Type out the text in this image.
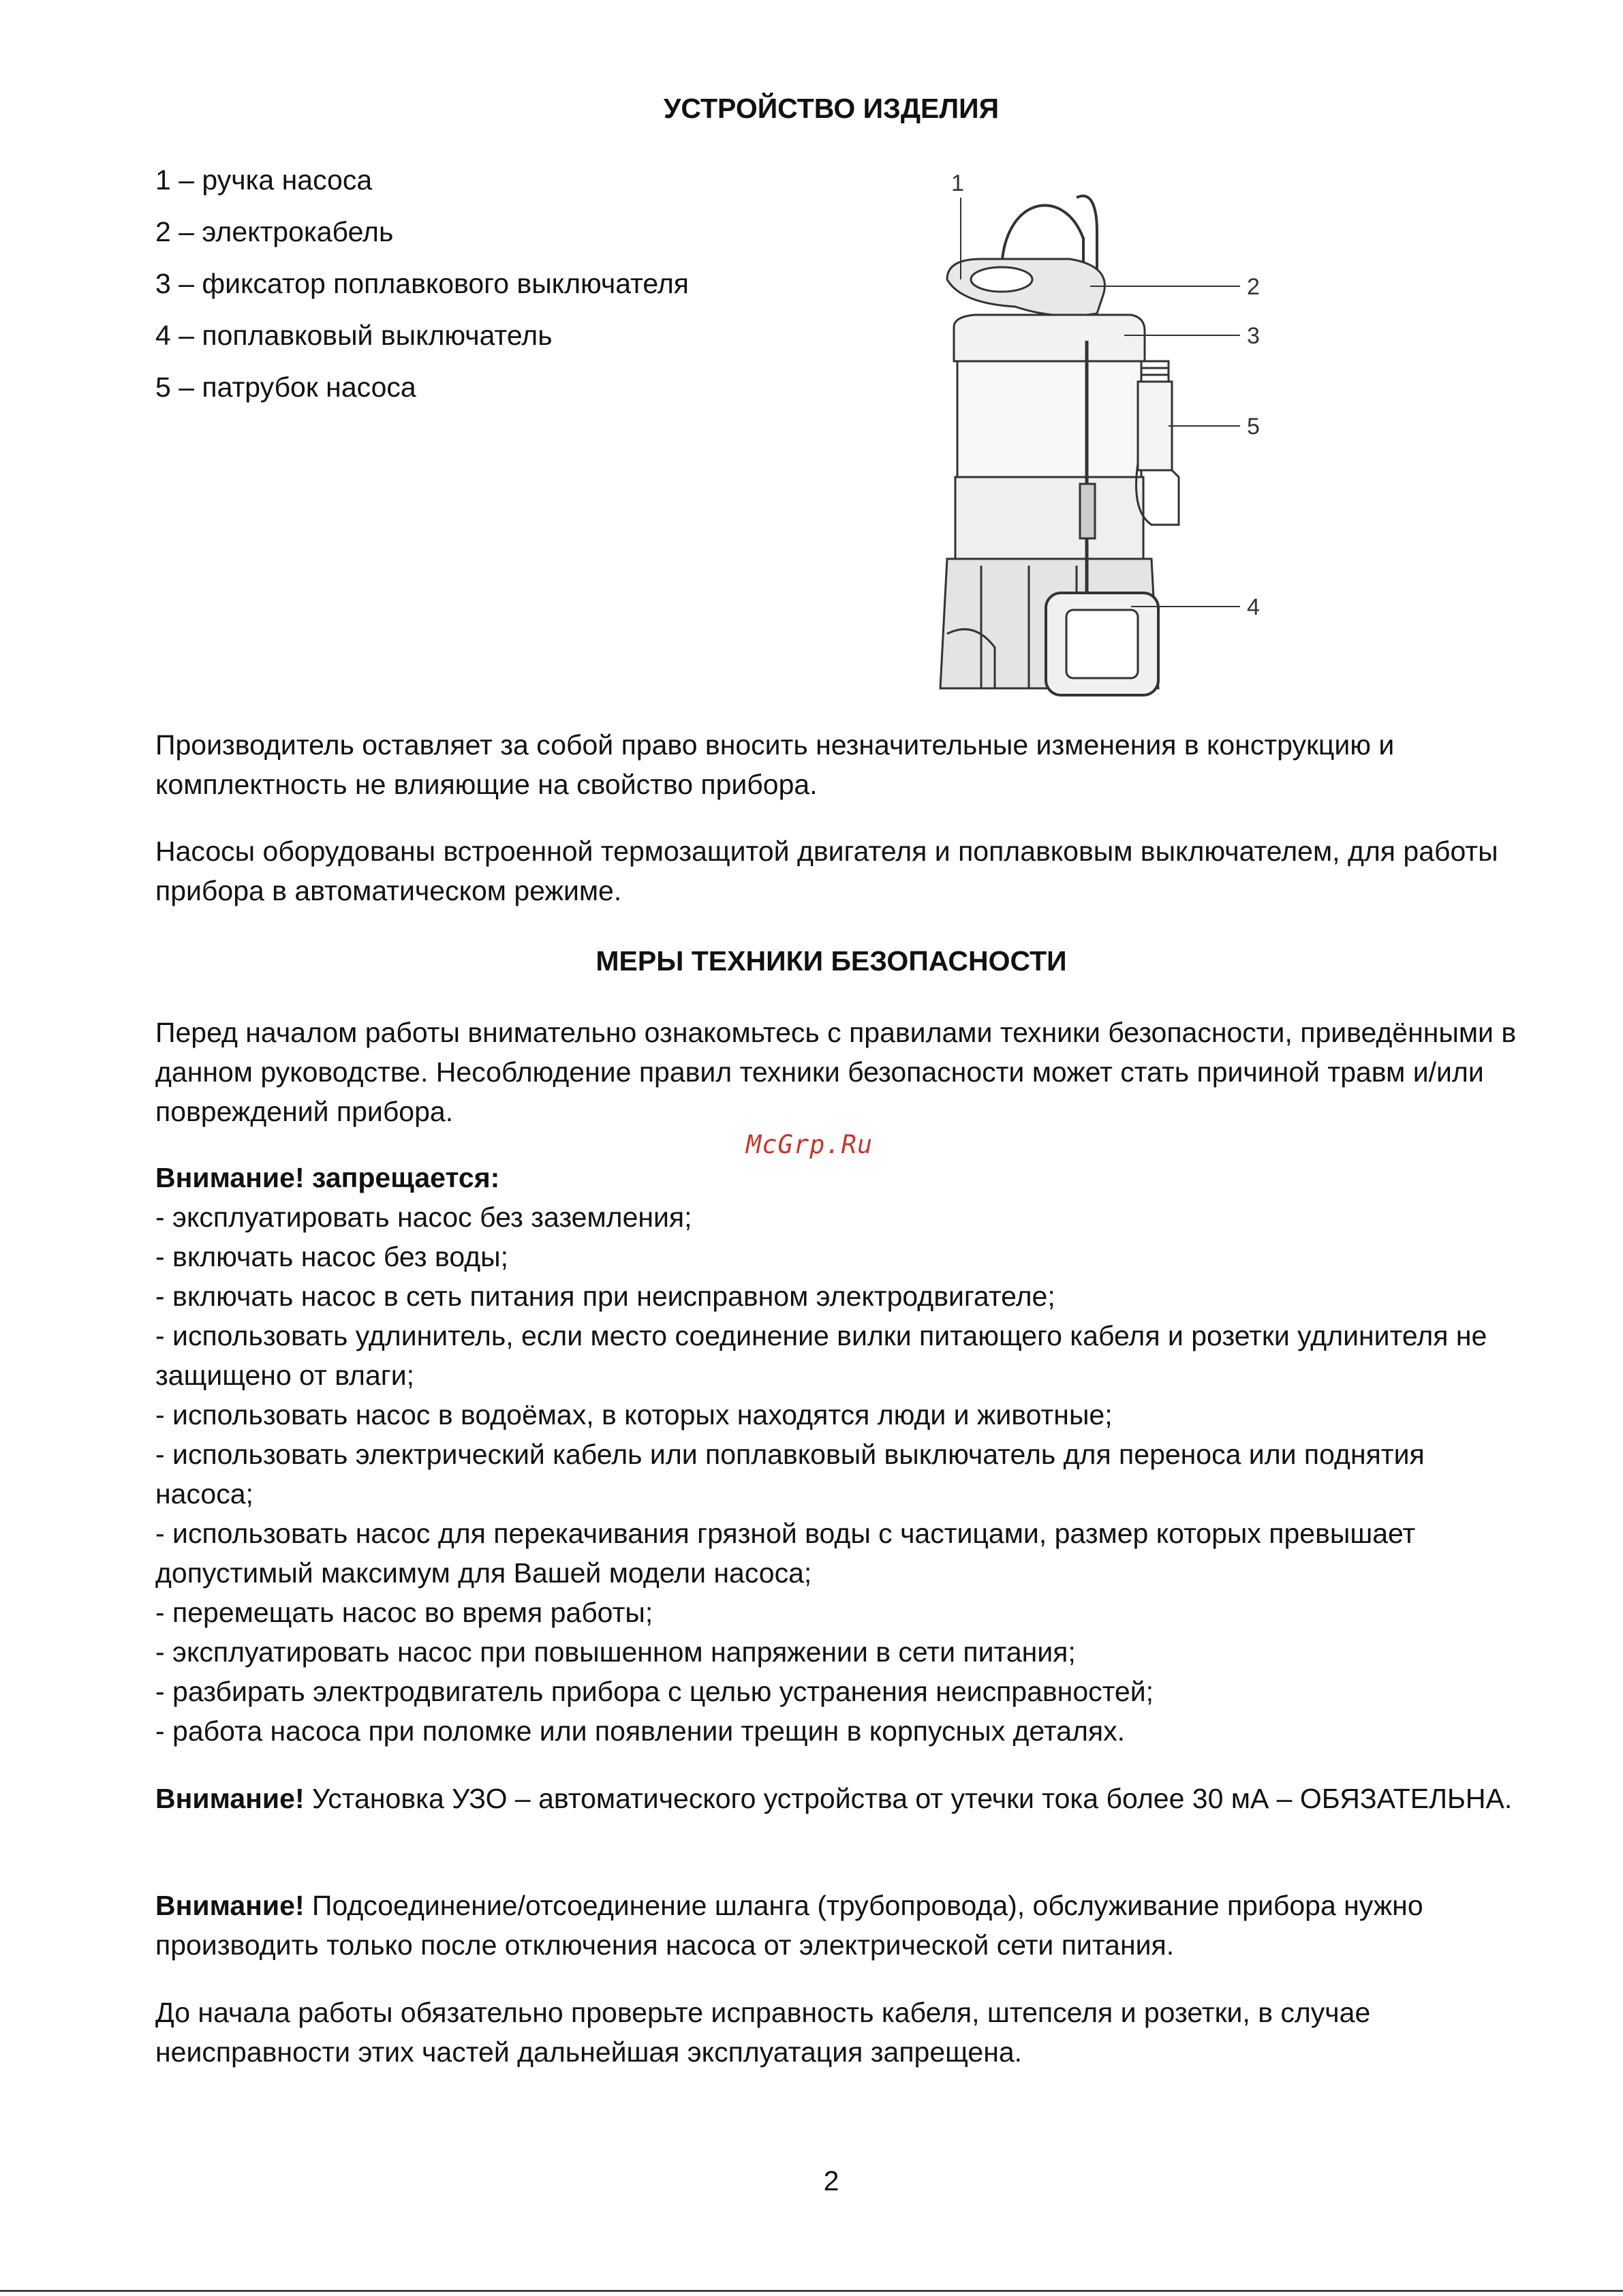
УСТРОЙСТВО ИЗДЕЛИЯ
1 – ручка насоса
2 – электрокабель
3 – фиксатор поплавкового выключателя
4 – поплавковый выключатель
5 – патрубок насоса
1
2
3
5
4

Производитель оставляет за собой право вносить незначительные изменения в конструкцию и комплектность не влияющие на свойство прибора.

Насосы оборудованы встроенной термозащитой двигателя и поплавковым выключателем, для работы прибора в автоматическом режиме.

МЕРЫ ТЕХНИКИ БЕЗОПАСНОСТИ

Перед началом работы внимательно ознакомьтесь с правилами техники безопасности, приведёнными в данном руководстве. Несоблюдение правил техники безопасности может стать причиной травм и/или повреждений прибора.

McGrp.Ru

Внимание! запрещается:

- эксплуатировать насос без заземления;
- включать насос без воды;
- включать насос в сеть питания при неисправном электродвигателе;
- использовать удлинитель, если место соединение вилки питающего кабеля и розетки удлинителя не защищено от влаги;
- использовать насос в водоёмах, в которых находятся люди и животные;
- использовать электрический кабель или поплавковый выключатель для переноса или поднятия насоса;
- использовать насос для перекачивания грязной воды с частицами, размер которых превышает допустимый максимум для Вашей модели насоса;
- перемещать насос во время работы;
- эксплуатировать насос при повышенном напряжении в сети питания;
- разбирать электродвигатель прибора с целью устранения неисправностей;
- работа насоса при поломке или появлении трещин в корпусных деталях.

Внимание! Установка УЗО – автоматического устройства от утечки тока более 30 мА – ОБЯЗАТЕЛЬНА.

Внимание! Подсоединение/отсоединение шланга (трубопровода), обслуживание прибора нужно производить только после отключения насоса от электрической сети питания.

До начала работы обязательно проверьте исправность кабеля, штепселя и розетки, в случае неисправности этих частей дальнейшая эксплуатация запрещена.

2
